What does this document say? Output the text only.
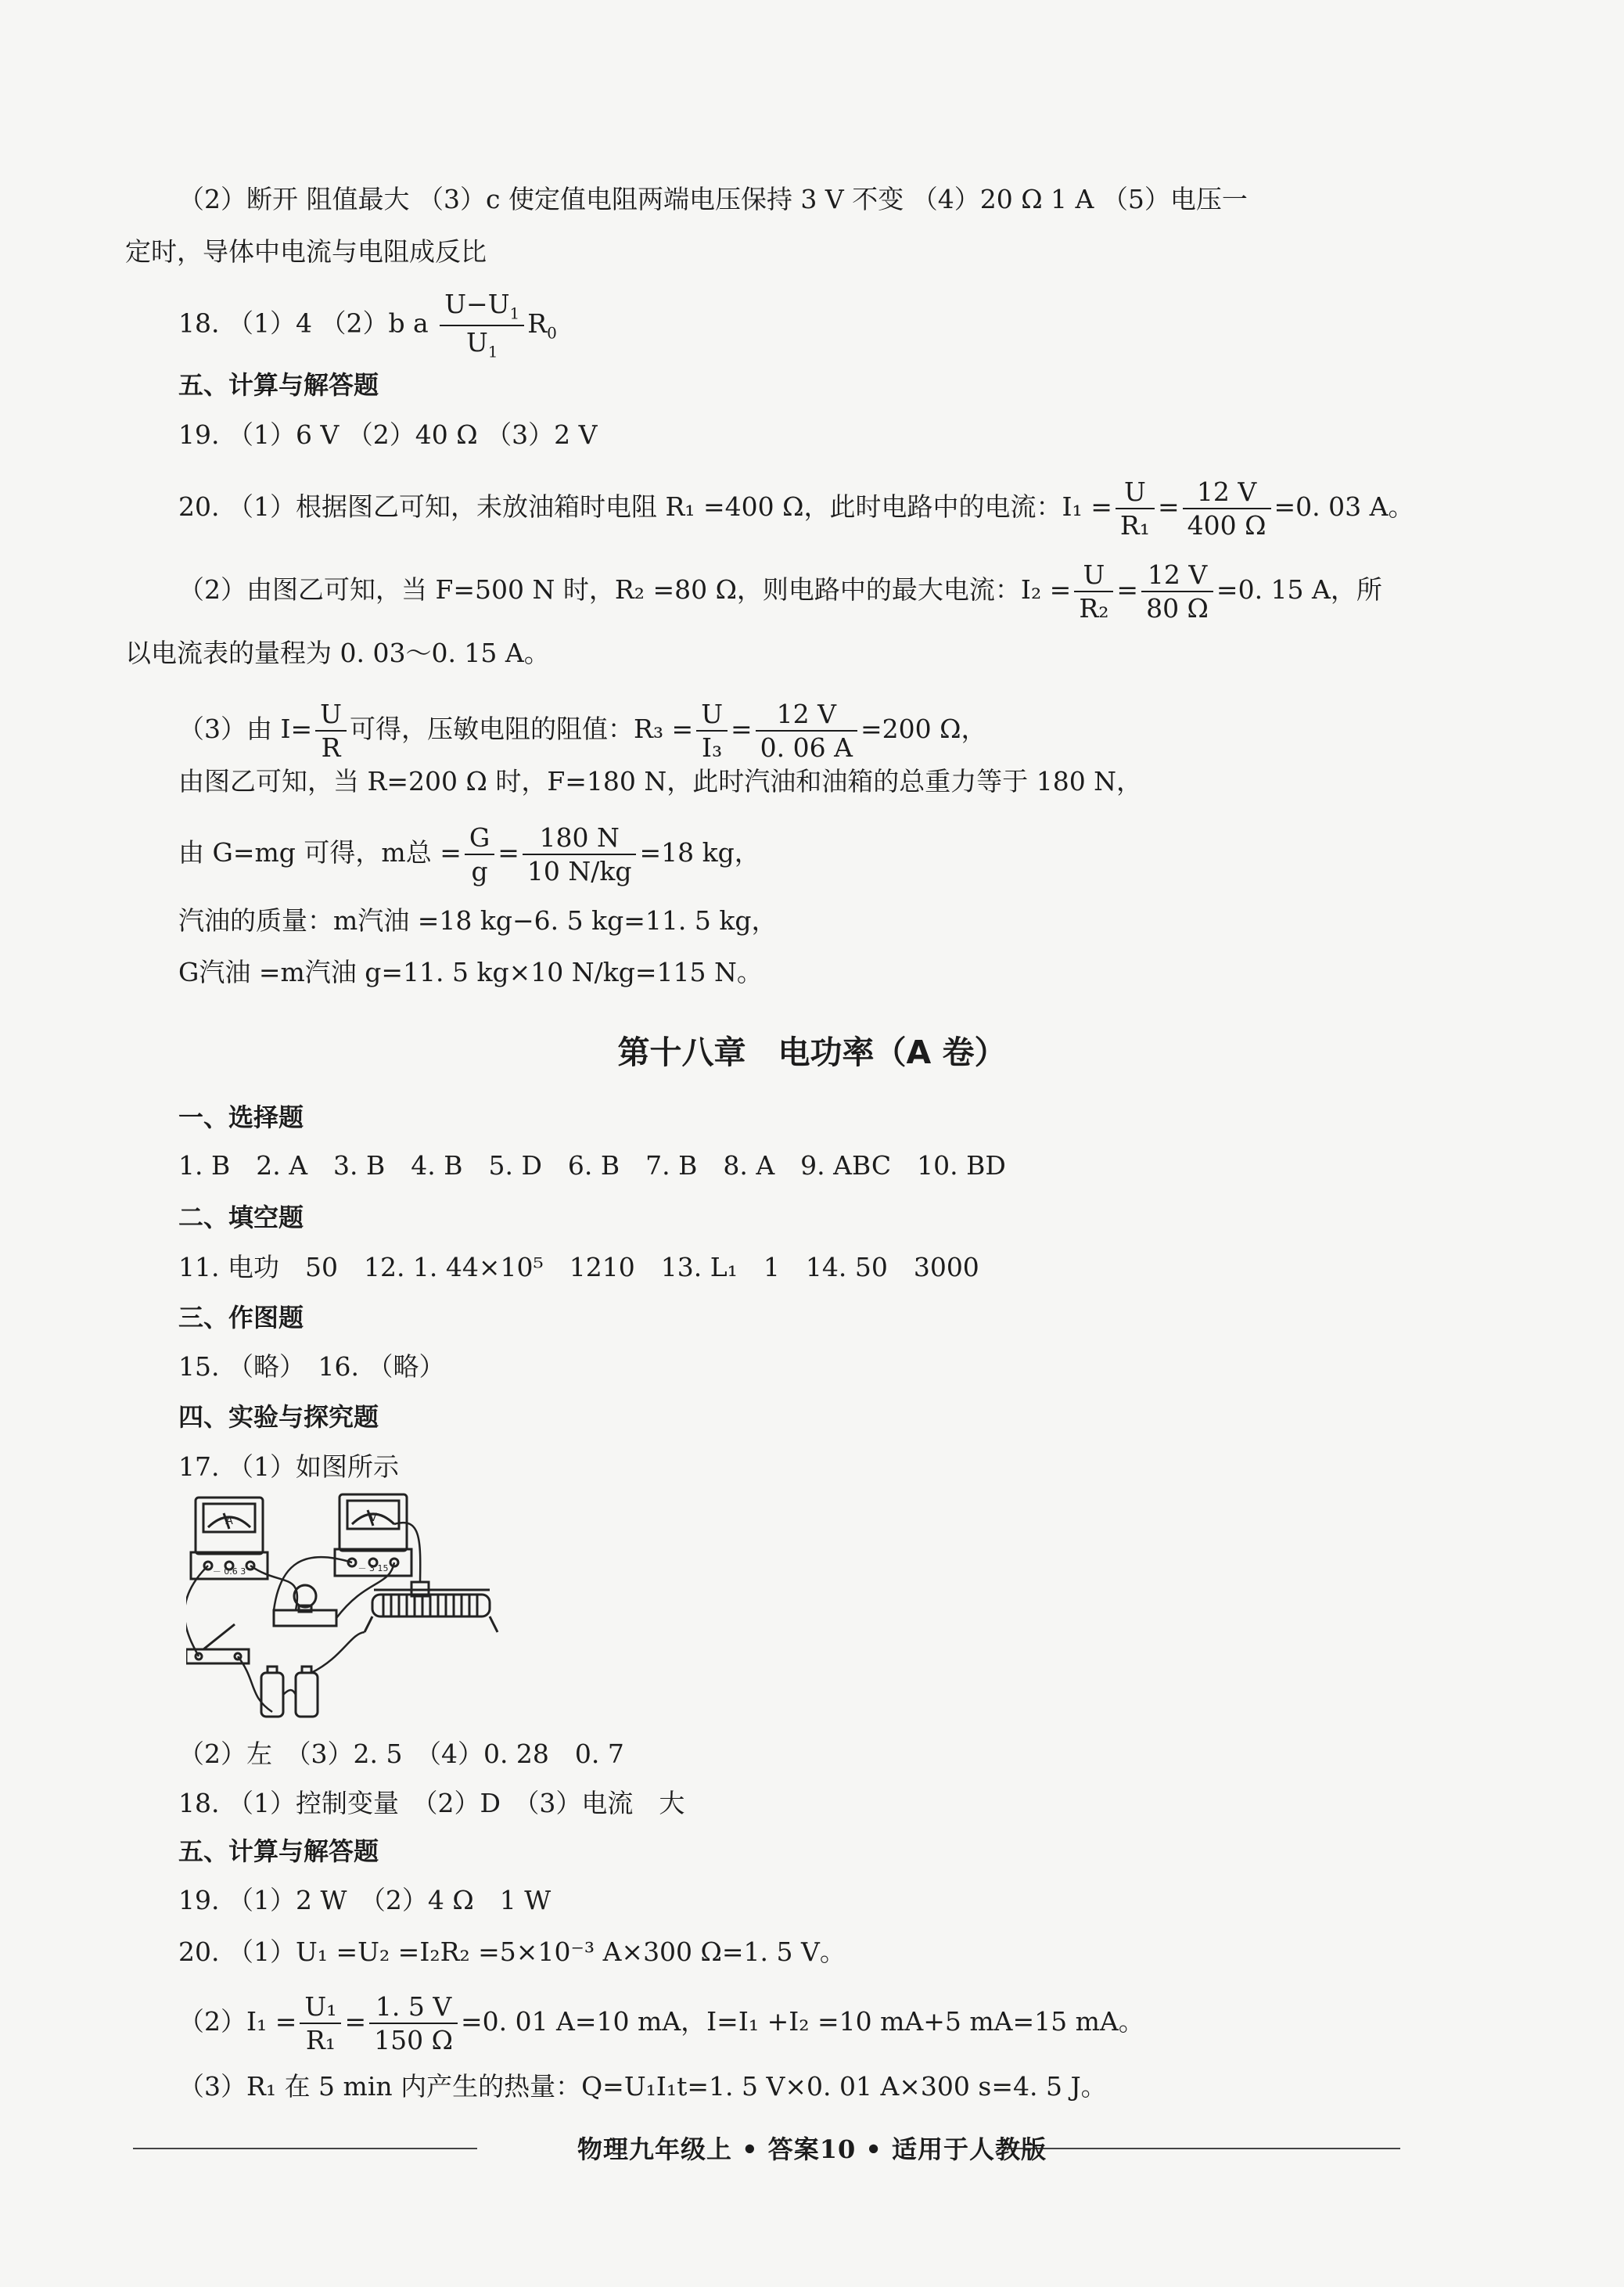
（2）断开 阻值最大 （3）c 使定值电阻两端电压保持 3 V 不变 （4）20 Ω 1 A （5）电压一
定时，导体中电流与电阻成反比
18. （1）4 （2）b a $\frac{U-U_1}{U_1} R_0$
五、计算与解答题
19. （1）6 V （2）40 Ω （3）2 V
20. （1）根据图乙可知，未放油箱时电阻 R₁ =400 Ω，此时电路中的电流：$I_1 = \frac{U}{\text{R₁}} = \frac{12 V}{400 \Omega} =0$. 03 A。
（2）由图乙可知，当 F=500 N 时，R₂ =80 Ω，则电路中的最大电流：$I_2 = \frac{U}{\text{R₂}} = \frac{12 V}{80 \Omega} =0$. 15 A，所
以电流表的量程为 0. 03～0. 15 A。
（3）由 $I= \frac{U}{R}$ 可得，压敏电阻的阻值：$R_3 = \frac{U}{\text{I₃}} = \frac{12 V}{0. 06 A} =200$ Ω，
由图乙可知，当 R=200 Ω 时，F=180 N，此时汽油和油箱的总重力等于 180 N，
由 G=mg 可得，m总 = $\frac{G}{g} = \frac{180 N}{10 N/kg} =18$ kg，
汽油的质量：m汽油 =18 kg−6. 5 kg=11. 5 kg，
G汽油 =m汽油 g=11. 5 kg×10 N/kg=115 N。
第十八章　电功率（A 卷）
一、选择题
1. B　2. A　3. B　4. B　5. D　6. B　7. B　8. A　9. ABC　10. BD
二、填空题
11. 电功　50　12. 1. 44×10⁵　1210　13. L₁　1　14. 50　3000
三、作图题
15. （略）　16. （略）
四、实验与探究题
17. （1）如图所示
A	V
－ 0.6 3	－ 3 15
（2）左　（3）2. 5　（4）0. 28　0. 7
18. （1）控制变量　（2）D　（3）电流　大
五、计算与解答题
19. （1）2 W　（2）4 Ω　1 W
20. （1）U₁ =U₂ =I₂R₂ =5×10⁻³ A×300 Ω=1. 5 V。
$(2)I_1 = \frac{\text{U₁}}{\text{R₁}} = \frac{1. 5 V}{150 \Omega} =0$. 01 A=10 mA，I=I₁ +I₂ =10 mA+5 mA=15 mA。
（3）R₁ 在 5 min 内产生的热量：Q=U₁I₁t=1. 5 V×0. 01 A×300 s=4. 5 J。
物理九年级上 • 答案10 • 适用于人教版
